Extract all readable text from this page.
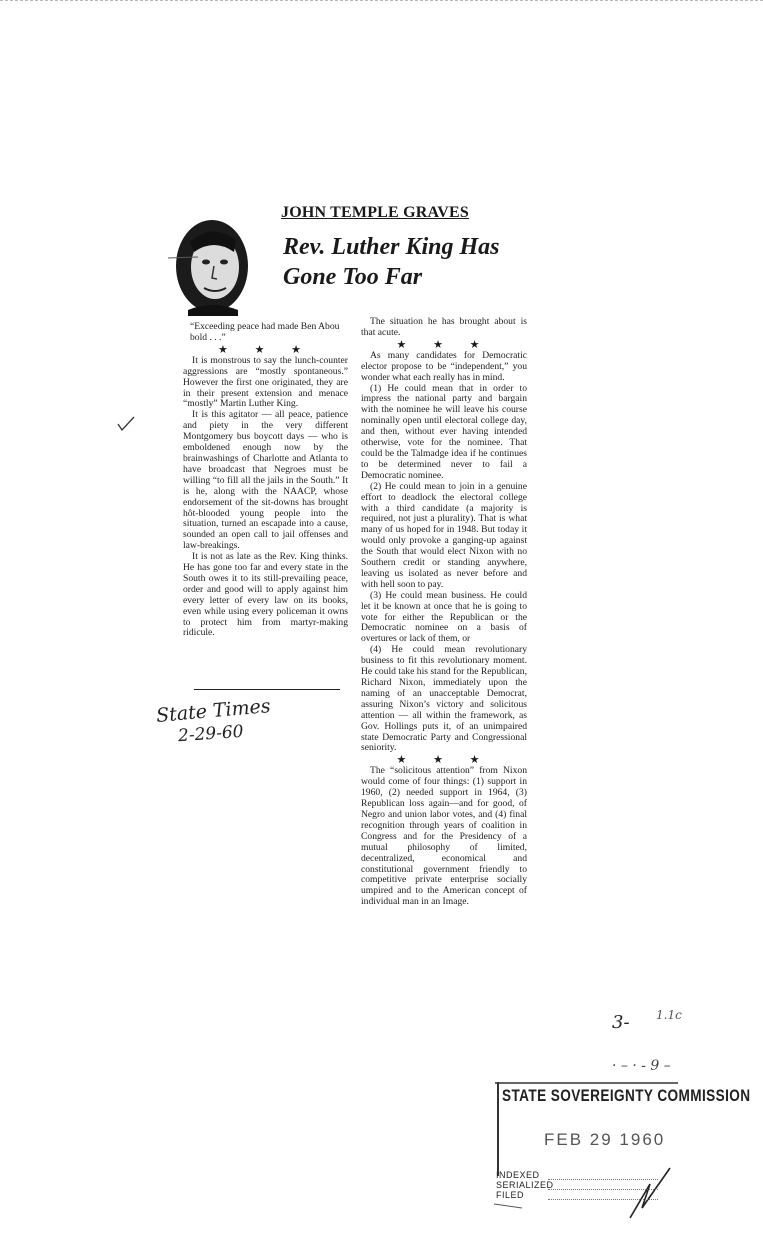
JOHN TEMPLE GRAVES
Rev. Luther King Has Gone Too Far

“Exceeding peace had made Ben Abou bold . . .”

★ ★ ★

It is monstrous to say the lunch-counter aggressions are “mostly spontaneous.” However the first one originated, they are in their present extension and menace “mostly” Martin Luther King.

It is this agitator — all peace, patience and piety in the very different Montgomery bus boycott days — who is emboldened enough now by the brainwashings of Charlotte and Atlanta to have broadcast that Negroes must be willing “to fill all the jails in the South.” It is he, along with the NAACP, whose endorsement of the sit-downs has brought hôt-blooded young people into the situation, turned an escapade into a cause, sounded an open call to jail offenses and law-breakings.

It is not as late as the Rev. King thinks. He has gone too far and every state in the South owes it to its still-prevailing peace, order and good will to apply against him every letter of every law on its books, even while using every policeman it owns to protect him from martyr-making ridicule.

The situation he has brought about is that acute.

★ ★ ★

As many candidates for Democratic elector propose to be “independent,” you wonder what each really has in mind.

(1) He could mean that in order to impress the national party and bargain with the nominee he will leave his course nominally open until electoral college day, and then, without ever having intended otherwise, vote for the nominee. That could be the Talmadge idea if he continues to be determined never to fail a Democratic nominee.

(2) He could mean to join in a genuine effort to deadlock the electoral college with a third candidate (a majority is required, not just a plurality). That is what many of us hoped for in 1948. But today it would only provoke a ganging-up against the South that would elect Nixon with no Southern credit or standing anywhere, leaving us isolated as never before and with hell soon to pay.

(3) He could mean business. He could let it be known at once that he is going to vote for either the Republican or the Democratic nominee on a basis of overtures or lack of them, or

(4) He could mean revolutionary business to fit this revolutionary moment. He could take his stand for the Republican, Richard Nixon, immediately upon the naming of an unacceptable Democrat, assuring Nixon’s victory and solicitous attention — all within the framework, as Gov. Hollings puts it, of an unimpaired state Democratic Party and Congressional seniority.

★ ★ ★

The “solicitous attention” from Nixon would come of four things: (1) support in 1960, (2) needed support in 1964, (3) Republican loss again—and for good, of Negro and union labor votes, and (4) final recognition through years of coalition in Congress and for the Presidency of a mutual philosophy of limited, decentralized, economical and constitutional government friendly to competitive private enterprise socially umpired and to the American concept of individual man in an Image.

State Times
2-29-60
3- 1.1c
· – · - 9 –
STATE SOVEREIGNTY COMMISSION
FEB 29 1960
INDEXED
SERIALIZED
FILED
